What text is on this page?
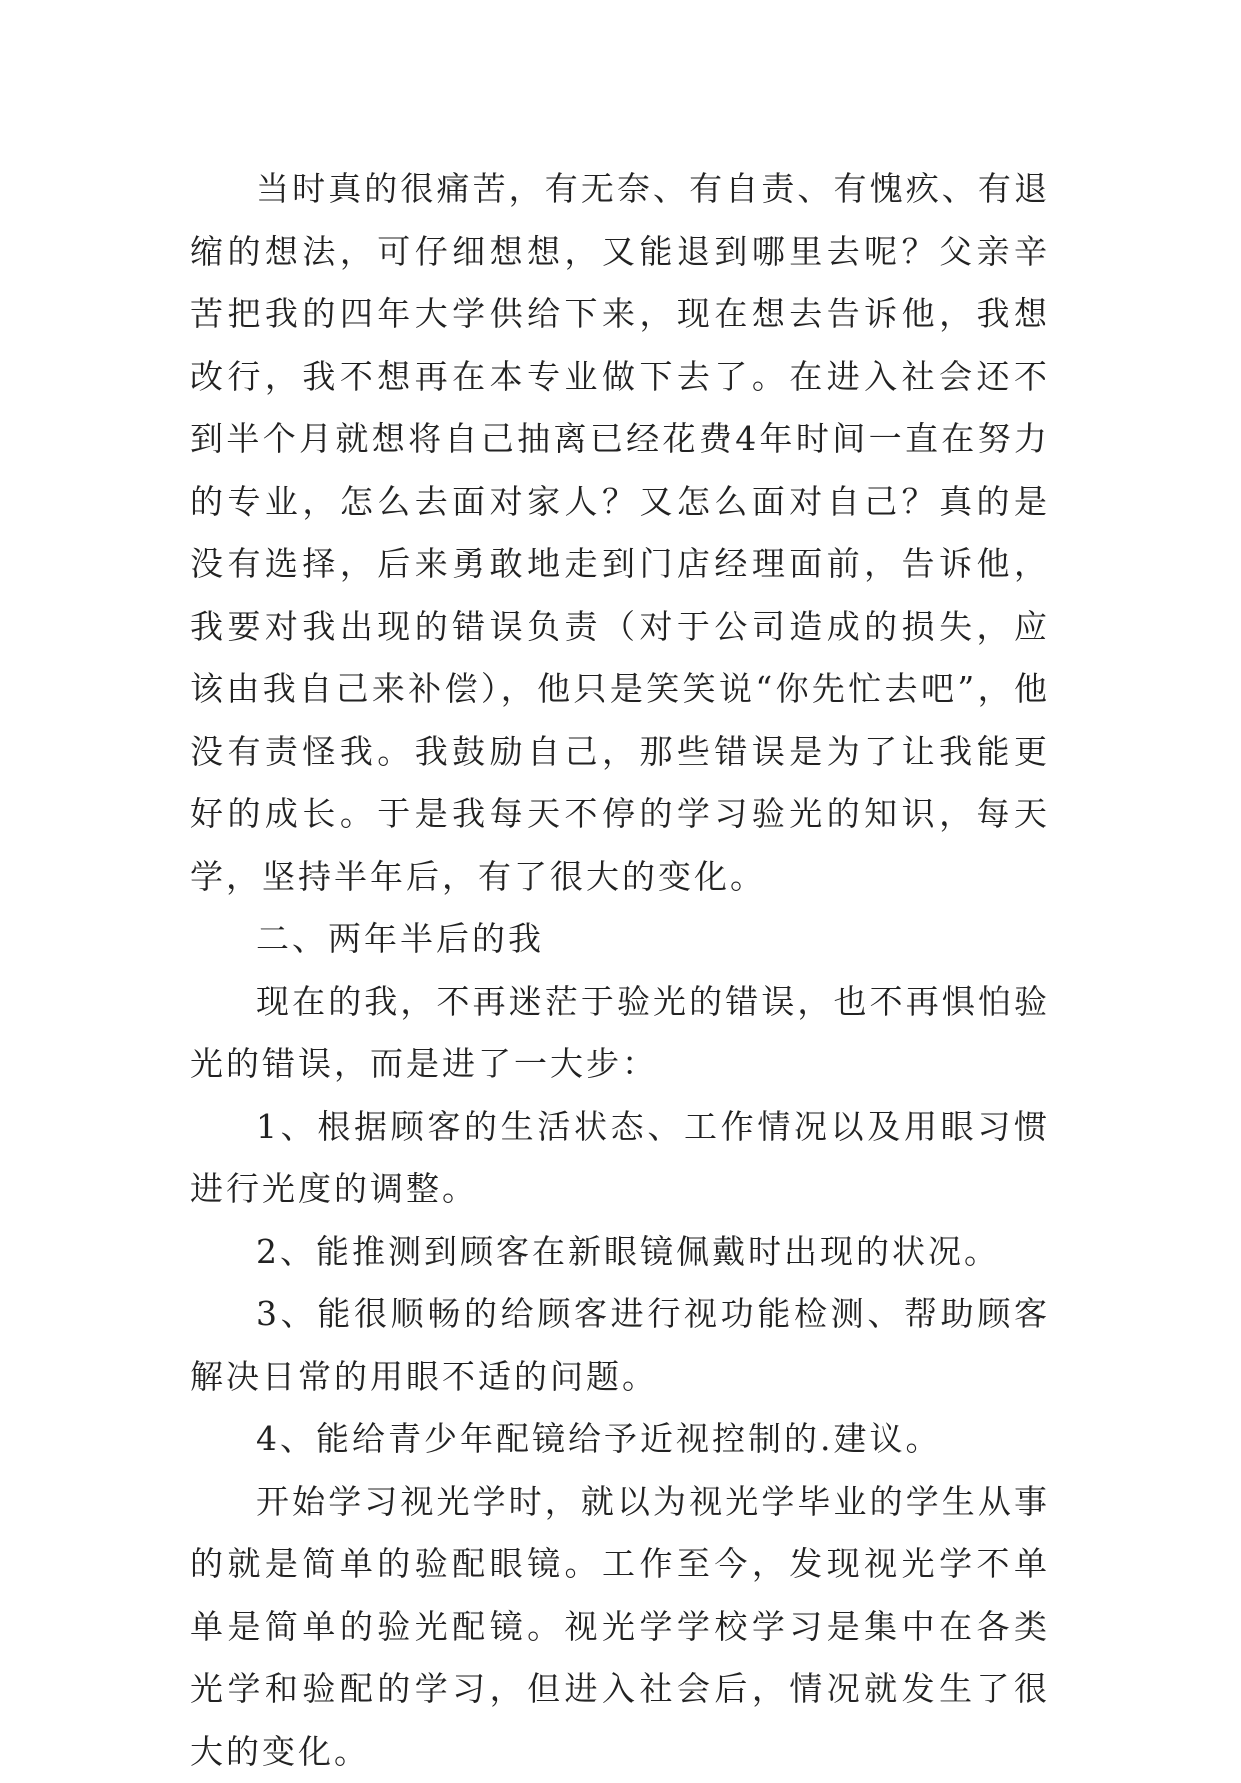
当时真的很痛苦，有无奈、有自责、有愧疚、有退缩的想法，可仔细想想，又能退到哪里去呢？父亲辛苦把我的四年大学供给下来，现在想去告诉他，我想改行，我不想再在本专业做下去了。在进入社会还不到半个月就想将自己抽离已经花费4年时间一直在努力的专业，怎么去面对家人？又怎么面对自己？真的是没有选择，后来勇敢地走到门店经理面前，告诉他，我要对我出现的错误负责（对于公司造成的损失，应该由我自己来补偿），他只是笑笑说“你先忙去吧”，他没有责怪我。我鼓励自己，那些错误是为了让我能更好的成长。于是我每天不停的学习验光的知识，每天学，坚持半年后，有了很大的变化。

二、两年半后的我

现在的我，不再迷茫于验光的错误，也不再惧怕验光的错误，而是进了一大步：

1、根据顾客的生活状态、工作情况以及用眼习惯进行光度的调整。

2、能推测到顾客在新眼镜佩戴时出现的状况。

3、能很顺畅的给顾客进行视功能检测、帮助顾客解决日常的用眼不适的问题。

4、能给青少年配镜给予近视控制的.建议。

开始学习视光学时，就以为视光学毕业的学生从事的就是简单的验配眼镜。工作至今，发现视光学不单单是简单的验光配镜。视光学学校学习是集中在各类光学和验配的学习，但进入社会后，情况就发生了很大的变化。
